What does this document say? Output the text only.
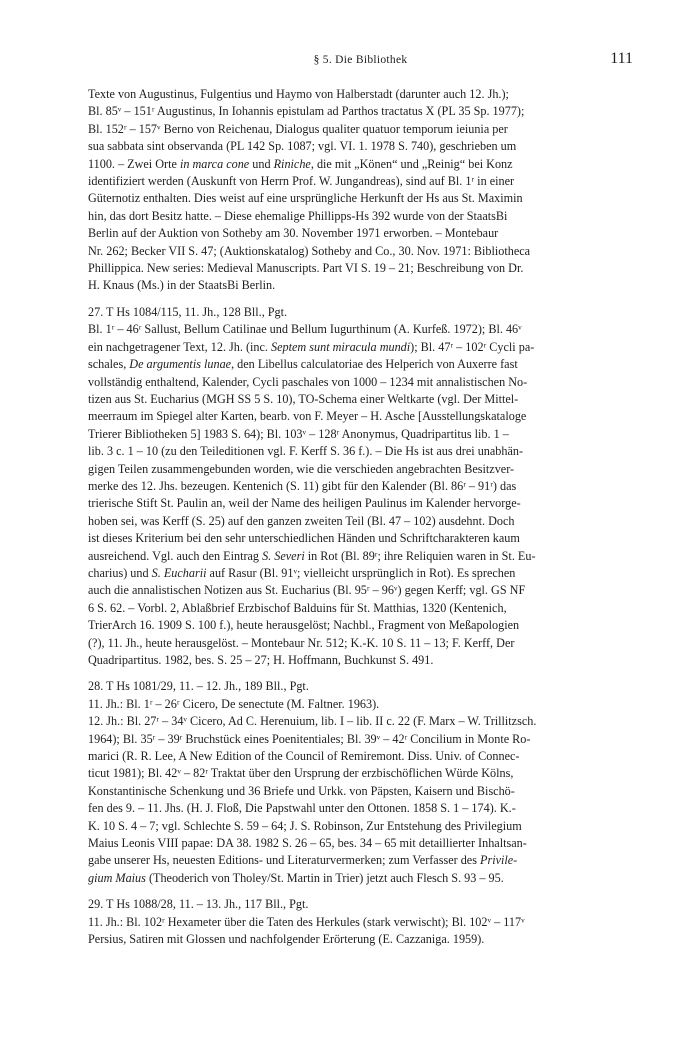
§ 5. Die Bibliothek	111

Texte von Augustinus, Fulgentius und Haymo von Halberstadt (darunter auch 12. Jh.);

Bl. 85ᵛ – 151ʳ Augustinus, In Iohannis epistulam ad Parthos tractatus X (PL 35 Sp. 1977);

Bl. 152ʳ – 157ᵛ Berno von Reichenau, Dialogus qualiter quatuor temporum ieiunia per

sua sabbata sint observanda (PL 142 Sp. 1087; vgl. VI. 1. 1978 S. 740), geschrieben um

1100. – Zwei Orte in marca cone und Riniche, die mit „Könen“ und „Reinig“ bei Konz

identifiziert werden (Auskunft von Herrn Prof. W. Jungandreas), sind auf Bl. 1ʳ in einer

Güternotiz enthalten. Dies weist auf eine ursprüngliche Herkunft der Hs aus St. Maximin

hin, das dort Besitz hatte. – Diese ehemalige Phillipps-Hs 392 wurde von der StaatsBi

Berlin auf der Auktion von Sotheby am 30. November 1971 erworben. – Montebaur

Nr. 262; Becker VII S. 47; (Auktionskatalog) Sotheby and Co., 30. Nov. 1971: Bibliotheca

Phillippica. New series: Medieval Manuscripts. Part VI S. 19 – 21; Beschreibung von Dr.

H. Knaus (Ms.) in der StaatsBi Berlin.

27. T Hs 1084/115, 11. Jh., 128 Bll., Pgt.

Bl. 1ʳ – 46ʳ Sallust, Bellum Catilinae und Bellum Iugurthinum (A. Kurfeß. 1972); Bl. 46ᵛ

ein nachgetragener Text, 12. Jh. (inc. Septem sunt miracula mundi); Bl. 47ʳ – 102ʳ Cycli pa-

schales, De argumentis lunae, den Libellus calculatoriae des Helperich von Auxerre fast

vollständig enthaltend, Kalender, Cycli paschales von 1000 – 1234 mit annalistischen No-

tizen aus St. Eucharius (MGH SS 5 S. 10), TO-Schema einer Weltkarte (vgl. Der Mittel-

meerraum im Spiegel alter Karten, bearb. von F. Meyer – H. Asche [Ausstellungskataloge

Trierer Bibliotheken 5] 1983 S. 64); Bl. 103ᵛ – 128ʳ Anonymus, Quadripartitus lib. 1 –

lib. 3 c. 1 – 10 (zu den Teileditionen vgl. F. Kerff S. 36 f.). – Die Hs ist aus drei unabhän-

gigen Teilen zusammengebunden worden, wie die verschieden angebrachten Besitzver-

merke des 12. Jhs. bezeugen. Kentenich (S. 11) gibt für den Kalender (Bl. 86ʳ – 91ʳ) das

trierische Stift St. Paulin an, weil der Name des heiligen Paulinus im Kalender hervorge-

hoben sei, was Kerff (S. 25) auf den ganzen zweiten Teil (Bl. 47 – 102) ausdehnt. Doch

ist dieses Kriterium bei den sehr unterschiedlichen Händen und Schriftcharakteren kaum

ausreichend. Vgl. auch den Eintrag S. Severi in Rot (Bl. 89ʳ; ihre Reliquien waren in St. Eu-

charius) und S. Eucharii auf Rasur (Bl. 91ᵛ; vielleicht ursprünglich in Rot). Es sprechen

auch die annalistischen Notizen aus St. Eucharius (Bl. 95ʳ – 96ᵛ) gegen Kerff; vgl. GS NF

6 S. 62. – Vorbl. 2, Ablaßbrief Erzbischof Balduins für St. Matthias, 1320 (Kentenich,

TrierArch 16. 1909 S. 100 f.), heute herausgelöst; Nachbl., Fragment von Meßapologien

(?), 11. Jh., heute herausgelöst. – Montebaur Nr. 512; K.-K. 10 S. 11 – 13; F. Kerff, Der

Quadripartitus. 1982, bes. S. 25 – 27; H. Hoffmann, Buchkunst S. 491.

28. T Hs 1081/29, 11. – 12. Jh., 189 Bll., Pgt.

11. Jh.: Bl. 1ʳ – 26ʳ Cicero, De senectute (M. Faltner. 1963).

12. Jh.: Bl. 27ʳ – 34ᵛ Cicero, Ad C. Herenuium, lib. I – lib. II c. 22 (F. Marx – W. Trillitzsch.

1964); Bl. 35ʳ – 39ʳ Bruchstück eines Poenitentiales; Bl. 39ᵛ – 42ʳ Concilium in Monte Ro-

marici (R. R. Lee, A New Edition of the Council of Remiremont. Diss. Univ. of Connec-

ticut 1981); Bl. 42ᵛ – 82ʳ Traktat über den Ursprung der erzbischöflichen Würde Kölns,

Konstantinische Schenkung und 36 Briefe und Urkk. von Päpsten, Kaisern und Bischö-

fen des 9. – 11. Jhs. (H. J. Floß, Die Papstwahl unter den Ottonen. 1858 S. 1 – 174). K.-

K. 10 S. 4 – 7; vgl. Schlechte S. 59 – 64; J. S. Robinson, Zur Entstehung des Privilegium

Maius Leonis VIII papae: DA 38. 1982 S. 26 – 65, bes. 34 – 65 mit detaillierter Inhaltsan-

gabe unserer Hs, neuesten Editions- und Literaturvermerken; zum Verfasser des Privile-

gium Maius (Theoderich von Tholey/St. Martin in Trier) jetzt auch Flesch S. 93 – 95.

29. T Hs 1088/28, 11. – 13. Jh., 117 Bll., Pgt.

11. Jh.: Bl. 102ʳ Hexameter über die Taten des Herkules (stark verwischt); Bl. 102ᵛ – 117ᵛ

Persius, Satiren mit Glossen und nachfolgender Erörterung (E. Cazzaniga. 1959).
